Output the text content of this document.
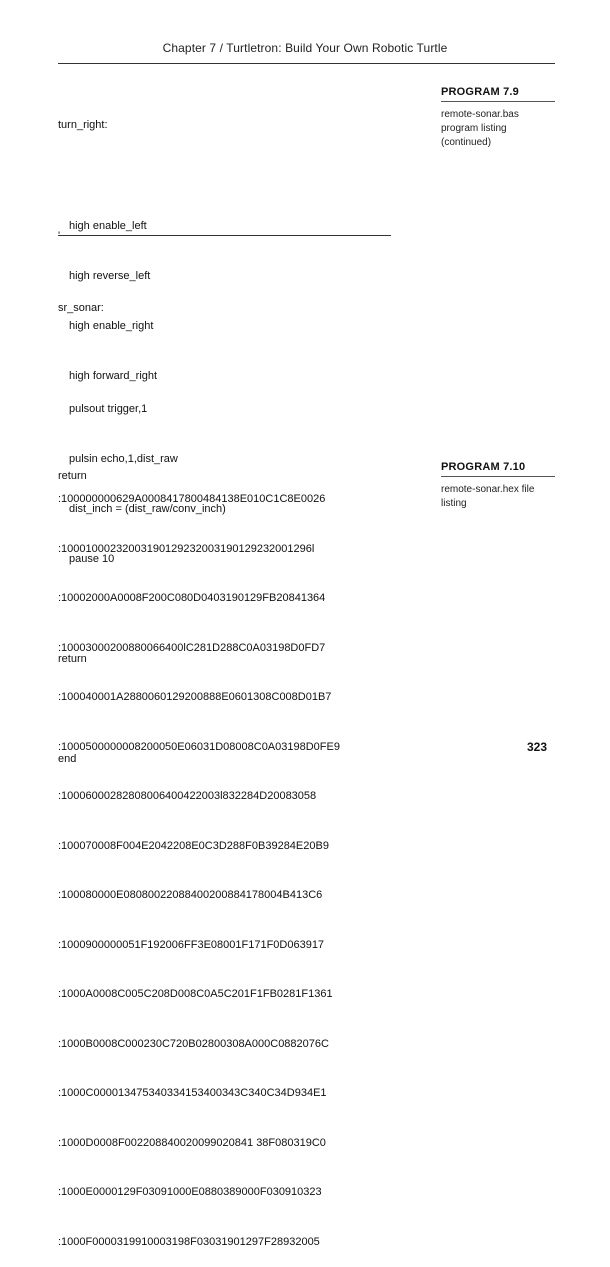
Chapter 7 / Turtletron: Build Your Own Robotic Turtle

turn_right:

high enable_left

high reverse_left

high enable_right

high forward_right

return

'

sr_sonar:

pulsout trigger,1

pulsin echo,1,dist_raw

dist_inch = (dist_raw/conv_inch)

pause 10

return

end

:100000000629A0008417800484138E010C1C8E0026

:10001000232003190129232003190129232001296l

:10002000A0008F200C080D0403190129FB20841364

:10003000200880066400lC281D288C0A03198D0FD7

:100040001A2880060129200888E0601308C008D01B7

:1000500000008200050E06031D08008C0A03198D0FE9

:10006000282808006400422003l832284D20083058

:100070008F004E2042208E0C3D288F0B39284E20B9

:100080000E08080022088400200884178004B413C6

:1000900000051F192006FF3E08001F171F0D063917

:1000A0008C005C208D008C0A5C201F1FB0281F1361

:1000B0008C000230C720B02800308A000C0882076C

:1000C000013475340334153400343C340C34D934E1

:1000D0008F002208840020099020841 38F080319C0

:1000E0000129F03091000E0880389000F030910323

:1000F0000319910003198F03031901297F28932005

PROGRAM 7.9
remote-sonar.bas
program listing
(continued)
PROGRAM 7.10
remote-sonar.hex file
listing
323
